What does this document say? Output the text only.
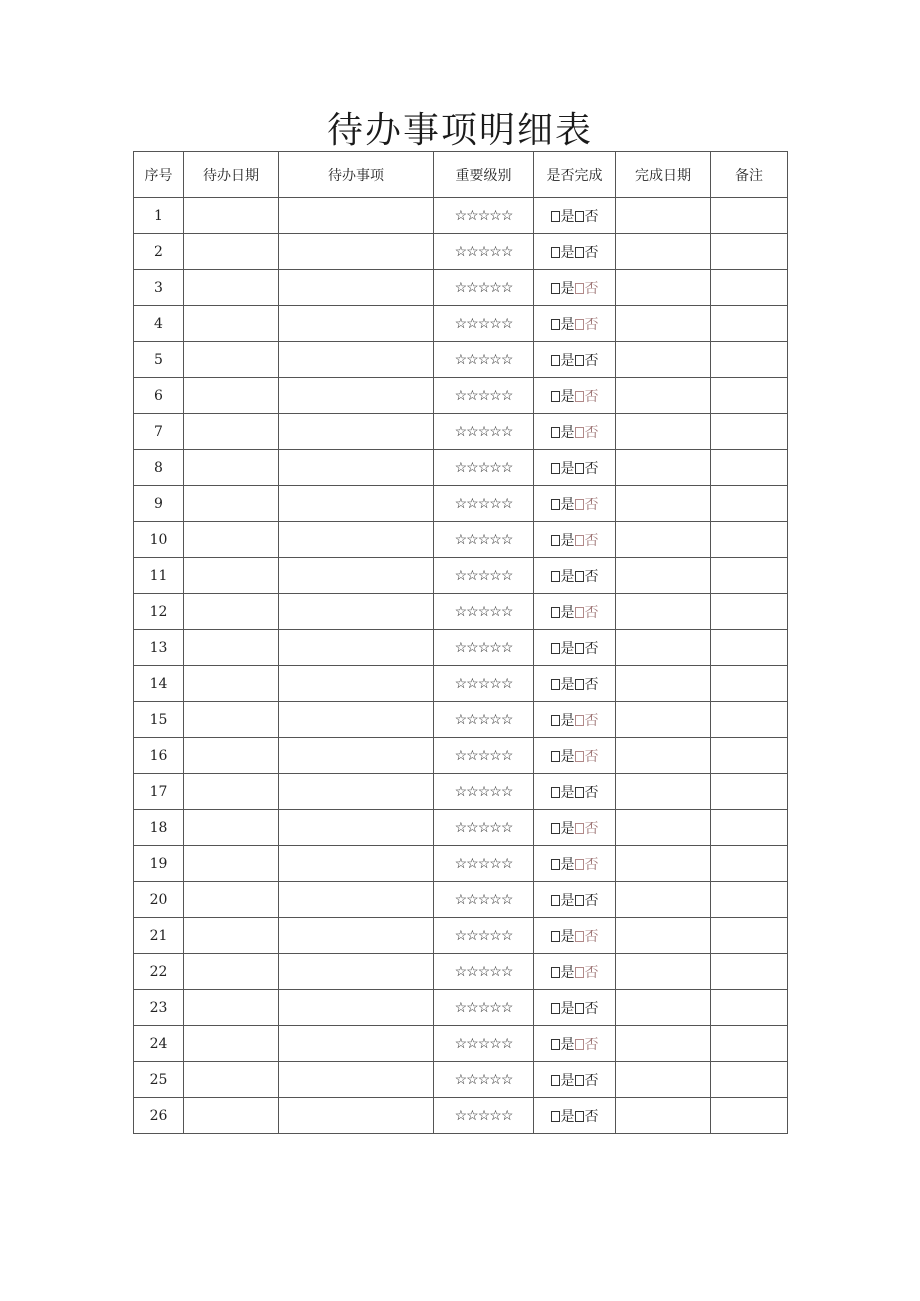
待办事项明细表
序号	待办日期	待办事项	重要级别	是否完成	完成日期	备注
1			☆☆☆☆☆	是 否		
2			☆☆☆☆☆	是 否		
3			☆☆☆☆☆	是 否		
4			☆☆☆☆☆	是 否		
5			☆☆☆☆☆	是 否		
6			☆☆☆☆☆	是 否		
7			☆☆☆☆☆	是 否		
8			☆☆☆☆☆	是 否		
9			☆☆☆☆☆	是 否		
10			☆☆☆☆☆	是 否		
11			☆☆☆☆☆	是 否		
12			☆☆☆☆☆	是 否		
13			☆☆☆☆☆	是 否		
14			☆☆☆☆☆	是 否		
15			☆☆☆☆☆	是 否		
16			☆☆☆☆☆	是 否		
17			☆☆☆☆☆	是 否		
18			☆☆☆☆☆	是 否		
19			☆☆☆☆☆	是 否		
20			☆☆☆☆☆	是 否		
21			☆☆☆☆☆	是 否		
22			☆☆☆☆☆	是 否		
23			☆☆☆☆☆	是 否		
24			☆☆☆☆☆	是 否		
25			☆☆☆☆☆	是 否		
26			☆☆☆☆☆	是 否		
